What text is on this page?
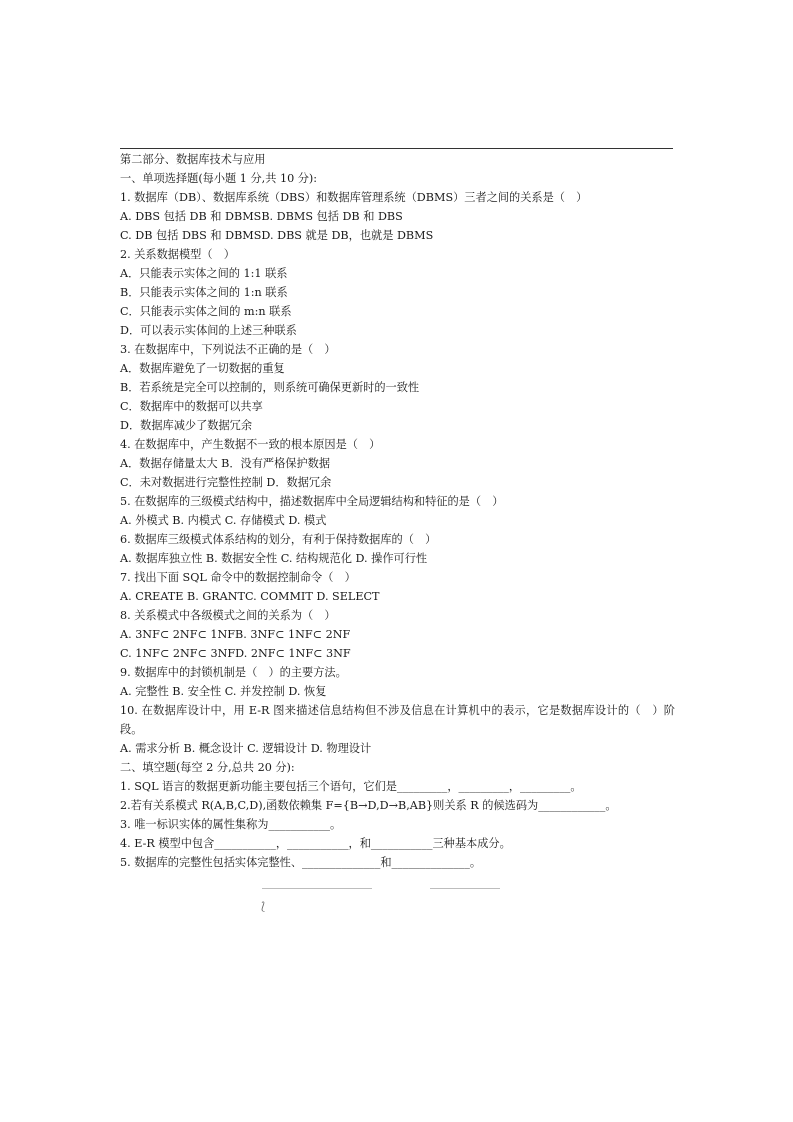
第二部分、数据库技术与应用
一、单项选择题(每小题 1 分,共 10 分):
1. 数据库（DB）、数据库系统（DBS）和数据库管理系统（DBMS）三者之间的关系是（　）
A. DBS 包括 DB 和 DBMSB. DBMS 包括 DB 和 DBS
C. DB 包括 DBS 和 DBMSD. DBS 就是 DB，也就是 DBMS
2. 关系数据模型（　）
A．只能表示实体之间的 1:1 联系
B．只能表示实体之间的 1:n 联系
C．只能表示实体之间的 m:n 联系
D．可以表示实体间的上述三种联系
3. 在数据库中，下列说法不正确的是（　）
A．数据库避免了一切数据的重复
B．若系统是完全可以控制的，则系统可确保更新时的一致性
C．数据库中的数据可以共享
D．数据库减少了数据冗余
4. 在数据库中，产生数据不一致的根本原因是（　）
A．数据存储量太大 B．没有严格保护数据
C．未对数据进行完整性控制 D．数据冗余
5. 在数据库的三级模式结构中，描述数据库中全局逻辑结构和特征的是（　）
A. 外模式 B. 内模式 C. 存储模式 D. 模式
6. 数据库三级模式体系结构的划分，有利于保持数据库的（　）
A. 数据库独立性 B. 数据安全性 C. 结构规范化 D. 操作可行性
7. 找出下面 SQL 命令中的数据控制命令（　）
A. CREATE B. GRANTC. COMMIT D. SELECT
8. 关系模式中各级模式之间的关系为（　）
A. 3NF⊂ 2NF⊂ 1NFB. 3NF⊂ 1NF⊂ 2NF
C. 1NF⊂ 2NF⊂ 3NFD. 2NF⊂ 1NF⊂ 3NF
9. 数据库中的封锁机制是（　）的主要方法。
A. 完整性 B. 安全性 C. 并发控制 D. 恢复
10. 在数据库设计中，用 E-R 图来描述信息结构但不涉及信息在计算机中的表示，它是数据库设计的（　）阶段。
A. 需求分析 B. 概念设计 C. 逻辑设计 D. 物理设计
二、填空题(每空 2 分,总共 20 分):
1. SQL 语言的数据更新功能主要包括三个语句，它们是_________，_________，_________。
2.若有关系模式 R(A,B,C,D),函数依赖集 F={B→D,D→B,AB}则关系 R 的候选码为____________。
3. 唯一标识实体的属性集称为___________。
4. E-R 模型中包含___________，___________，和___________三种基本成分。
5. 数据库的完整性包括实体完整性、______________和______________。
⟅
